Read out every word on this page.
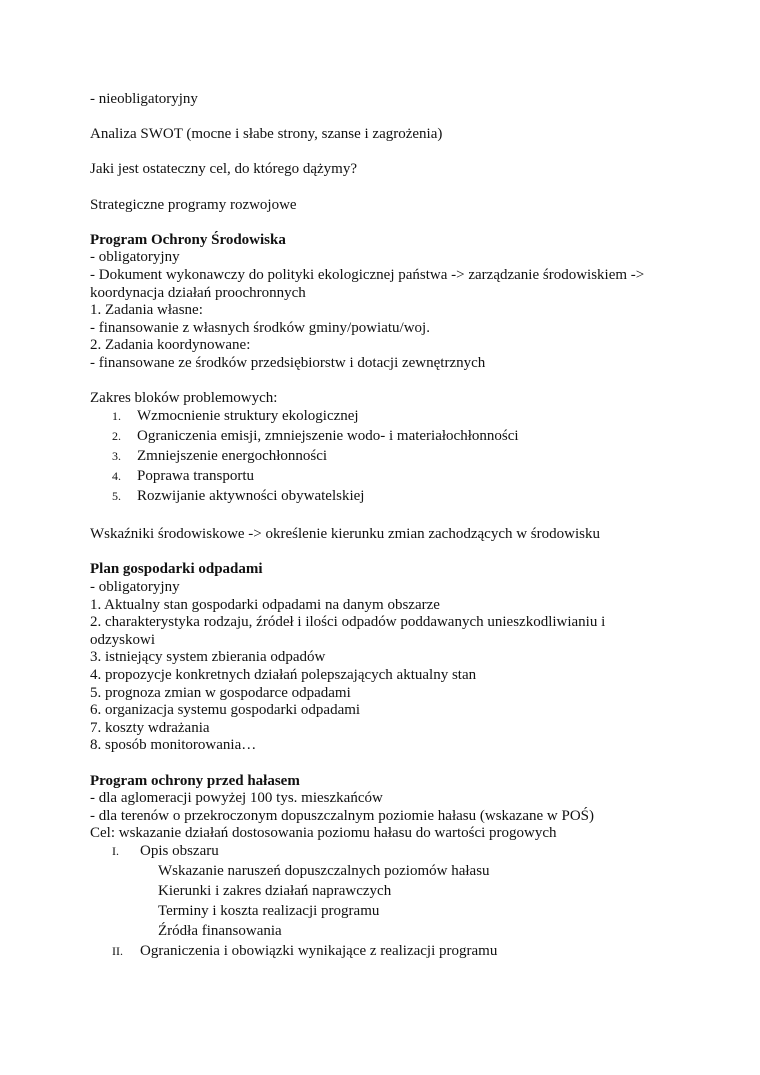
- nieobligatoryjny
Analiza SWOT (mocne i słabe strony, szanse i zagrożenia)
Jaki jest ostateczny cel, do którego dążymy?
Strategiczne programy rozwojowe
Program Ochrony Środowiska
- obligatoryjny
- Dokument wykonawczy do polityki ekologicznej państwa -> zarządzanie środowiskiem ->
koordynacja działań proochronnych
1. Zadania własne:
- finansowanie z własnych środków gminy/powiatu/woj.
2. Zadania koordynowane:
- finansowane ze środków przedsiębiorstw i dotacji zewnętrznych
Zakres bloków problemowych:
1.	Wzmocnienie struktury ekologicznej
2.	Ograniczenia emisji, zmniejszenie wodo- i materiałochłonności
3.	Zmniejszenie energochłonności
4.	Poprawa transportu
5.	Rozwijanie aktywności obywatelskiej
Wskaźniki środowiskowe -> określenie kierunku zmian zachodzących w środowisku
Plan gospodarki odpadami
- obligatoryjny
1. Aktualny stan gospodarki odpadami na danym obszarze
2. charakterystyka rodzaju, źródeł i ilości odpadów poddawanych unieszkodliwianiu i
odzyskowi
3. istniejący system zbierania odpadów
4. propozycje konkretnych działań polepszających aktualny stan
5. prognoza zmian w gospodarce odpadami
6. organizacja systemu gospodarki odpadami
7. koszty wdrażania
8. sposób monitorowania…
Program ochrony przed hałasem
- dla aglomeracji powyżej 100 tys. mieszkańców
- dla terenów o przekroczonym dopuszczalnym poziomie hałasu (wskazane w POŚ)
Cel: wskazanie działań dostosowania poziomu hałasu do wartości progowych
I.	Opis obszaru
Wskazanie naruszeń dopuszczalnych poziomów hałasu
Kierunki i zakres działań naprawczych
Terminy i koszta realizacji programu
Źródła finansowania
II.	Ograniczenia i obowiązki wynikające z realizacji programu
